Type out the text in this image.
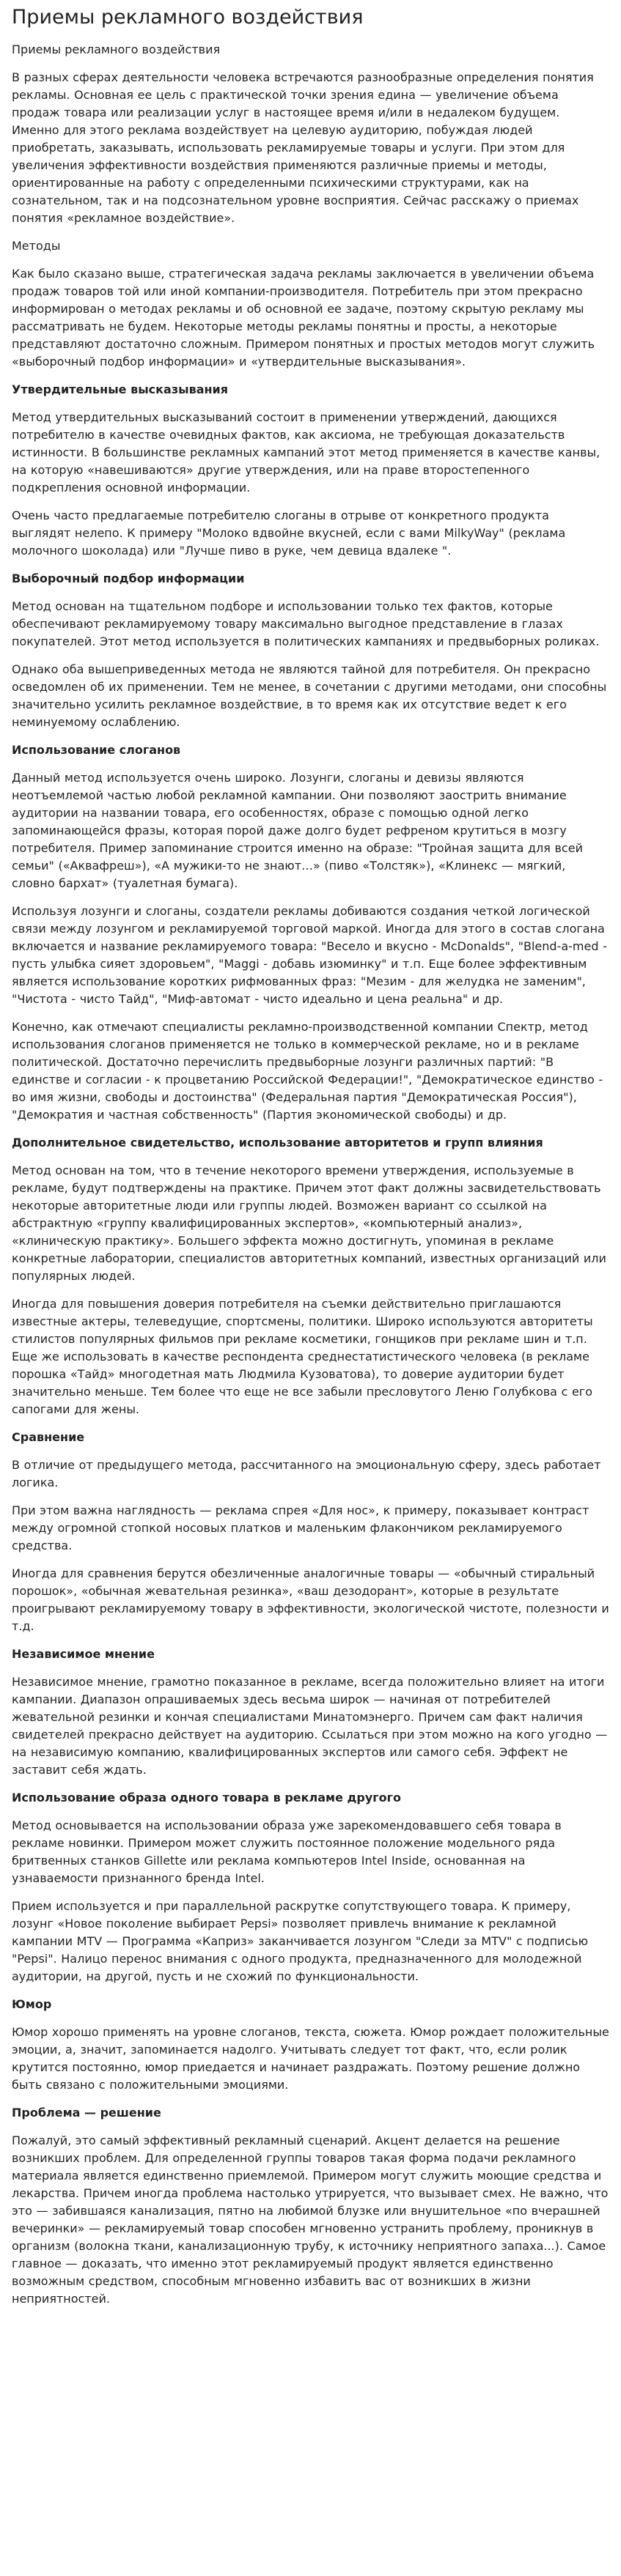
Приемы рекламного воздействия
Приемы рекламного воздействия

В разных сферах деятельности человека встречаются разнообразные определения понятия рекламы. Основная ее цель с практической точки зрения едина — увеличение объема продаж товара или реализации услуг в настоящее время и/или в недалеком будущем. Именно для этого реклама воздействует на целевую аудиторию, побуждая людей приобретать, заказывать, использовать рекламируемые товары и услуги. При этом для увеличения эффективности воздействия применяются различные приемы и методы, ориентированные на работу с определенными психическими структурами, как на сознательном, так и на подсознательном уровне восприятия. Сейчас расскажу о приемах понятия «рекламное воздействие».

Методы

Как было сказано выше, стратегическая задача рекламы заключается в увеличении объема продаж товаров той или иной компании-производителя. Потребитель при этом прекрасно информирован о методах рекламы и об основной ее задаче, поэтому скрытую рекламу мы рассматривать не будем. Некоторые методы рекламы понятны и просты, а некоторые представляют достаточно сложным. Примером понятных и простых методов могут служить «выборочный подбор информации» и «утвердительные высказывания».

Утвердительные высказывания

Метод утвердительных высказываний состоит в применении утверждений, дающихся потребителю в качестве очевидных фактов, как аксиома, не требующая доказательств истинности. В большинстве рекламных кампаний этот метод применяется в качестве канвы, на которую «навешиваются» другие утверждения, или на праве второстепенного подкрепления основной информации.

Очень часто предлагаемые потребителю слоганы в отрыве от конкретного продукта выглядят нелепо. К примеру "Молоко вдвойне вкусней, если с вами MilkyWay" (реклама молочного шоколада) или "Лучше пиво в руке, чем девица вдалеке ".

Выборочный подбор информации

Метод основан на тщательном подборе и использовании только тех фактов, которые обеспечивают рекламируемому товару максимально выгодное представление в глазах покупателей. Этот метод используется в политических кампаниях и предвыборных роликах.

Однако оба вышеприведенных метода не являются тайной для потребителя. Он прекрасно осведомлен об их применении. Тем не менее, в сочетании с другими методами, они способны значительно усилить рекламное воздействие, в то время как их отсутствие ведет к его неминуемому ослаблению.

Использование слоганов

Данный метод используется очень широко. Лозунги, слоганы и девизы являются неотъемлемой частью любой рекламной кампании. Они позволяют заострить внимание аудитории на названии товара, его особенностях, образе с помощью одной легко запоминающейся фразы, которая порой даже долго будет рефреном крутиться в мозгу потребителя. Пример запоминание строится именно на образе: "Тройная защита для всей семьи" («Аквафреш»), «А мужики-то не знают…» (пиво «Толстяк»), «Клинекс — мягкий, словно бархат» (туалетная бумага).

Используя лозунги и слоганы, создатели рекламы добиваются создания четкой логической связи между лозунгом и рекламируемой торговой маркой. Иногда для этого в состав слогана включается и название рекламируемого товара: "Весело и вкусно - McDonalds", "Blend-a-med - пусть улыбка сияет здоровьем", "Maggi - добавь изюминку" и т.п. Еще более эффективным является использование коротких рифмованных фраз: "Мезим - для желудка не заменим", "Чистота - чисто Тайд", "Миф-автомат - чисто идеально и цена реальна" и др.

Конечно, как отмечают специалисты рекламно-производственной компании Спектр, метод использования слоганов применяется не только в коммерческой рекламе, но и в рекламе политической. Достаточно перечислить предвыборные лозунги различных партий: "В единстве и согласии - к процветанию Российской Федерации!", "Демократическое единство - во имя жизни, свободы и достоинства" (Федеральная партия "Демократическая Россия"), "Демократия и частная собственность" (Партия экономической свободы) и др.

Дополнительное свидетельство, использование авторитетов и групп влияния

Метод основан на том, что в течение некоторого времени утверждения, используемые в рекламе, будут подтверждены на практике. Причем этот факт должны засвидетельствовать некоторые авторитетные люди или группы людей. Возможен вариант со ссылкой на абстрактную «группу квалифицированных экспертов», «компьютерный анализ», «клиническую практику». Большего эффекта можно достигнуть, упоминая в рекламе конкретные лаборатории, специалистов авторитетных компаний, известных организаций или популярных людей.

Иногда для повышения доверия потребителя на съемки действительно приглашаются известные актеры, телеведущие, спортсмены, политики. Широко используются авторитеты стилистов популярных фильмов при рекламе косметики, гонщиков при рекламе шин и т.п. Еще же использовать в качестве респондента среднестатистического человека (в рекламе порошка «Тайд» многодетная мать Людмила Кузоватова), то доверие аудитории будет значительно меньше. Тем более что еще не все забыли пресловутого Леню Голубкова с его сапогами для жены.

Сравнение

В отличие от предыдущего метода, рассчитанного на эмоциональную сферу, здесь работает логика.

При этом важна наглядность — реклама спрея «Для нос», к примеру, показывает контраст между огромной стопкой носовых платков и маленьким флакончиком рекламируемого средства.

Иногда для сравнения берутся обезличенные аналогичные товары — «обычный стиральный порошок», «обычная жевательная резинка», «ваш дезодорант», которые в результате проигрывают рекламируемому товару в эффективности, экологической чистоте, полезности и т.д.

Независимое мнение

Независимое мнение, грамотно показанное в рекламе, всегда положительно влияет на итоги кампании. Диапазон опрашиваемых здесь весьма широк — начиная от потребителей жевательной резинки и кончая специалистами Минатомэнерго. Причем сам факт наличия свидетелей прекрасно действует на аудиторию. Ссылаться при этом можно на кого угодно — на независимую компанию, квалифицированных экспертов или самого себя. Эффект не заставит себя ждать.

Использование образа одного товара в рекламе другого

Метод основывается на использовании образа уже зарекомендовавшего себя товара в рекламе новинки. Примером может служить постоянное положение модельного ряда бритвенных станков Gillette или реклама компьютеров Intel Inside, основанная на узнаваемости признанного бренда Intel.

Прием используется и при параллельной раскрутке сопутствующего товара. К примеру, лозунг «Новое поколение выбирает Pepsi» позволяет привлечь внимание к рекламной кампании MTV — Программа «Каприз» заканчивается лозунгом "Следи за MTV" с подписью "Pepsi". Налицо перенос внимания с одного продукта, предназначенного для молодежной аудитории, на другой, пусть и не схожий по функциональности.

Юмор

Юмор хорошо применять на уровне слоганов, текста, сюжета. Юмор рождает положительные эмоции, а, значит, запоминается надолго. Учитывать следует тот факт, что, если ролик крутится постоянно, юмор приедается и начинает раздражать. Поэтому решение должно быть связано с положительными эмоциями.

Проблема — решение

Пожалуй, это самый эффективный рекламный сценарий. Акцент делается на решение возникших проблем. Для определенной группы товаров такая форма подачи рекламного материала является единственно приемлемой. Примером могут служить моющие средства и лекарства. Причем иногда проблема настолько утрируется, что вызывает смех. Не важно, что это — забившаяся канализация, пятно на любимой блузке или внушительное «по вчерашней вечеринки» — рекламируемый товар способен мгновенно устранить проблему, проникнув в организм (волокна ткани, канализационную трубу, к источнику неприятного запаха...). Самое главное — доказать, что именно этот рекламируемый продукт является единственно возможным средством, способным мгновенно избавить вас от возникших в жизни неприятностей.
